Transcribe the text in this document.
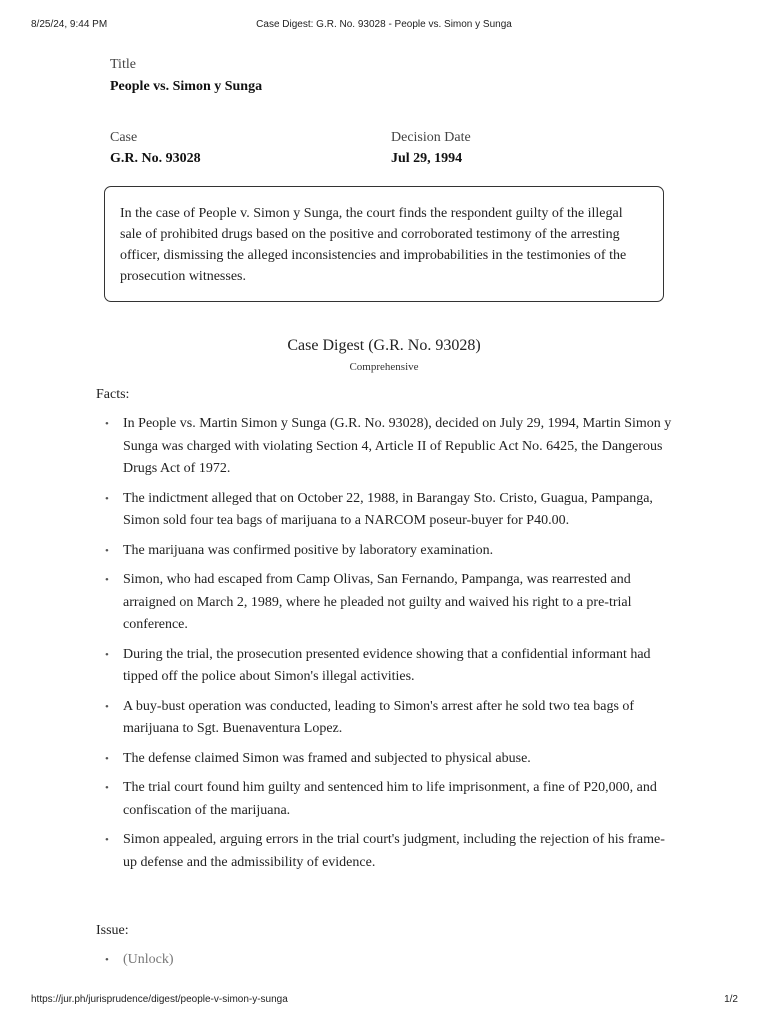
8/25/24, 9:44 PM	Case Digest: G.R. No. 93028 - People vs. Simon y Sunga
Title
People vs. Simon y Sunga
Case
G.R. No. 93028
Decision Date
Jul 29, 1994
In the case of People v. Simon y Sunga, the court finds the respondent guilty of the illegal sale of prohibited drugs based on the positive and corroborated testimony of the arresting officer, dismissing the alleged inconsistencies and improbabilities in the testimonies of the prosecution witnesses.
Case Digest (G.R. No. 93028)
Comprehensive
Facts:
• In People vs. Martin Simon y Sunga (G.R. No. 93028), decided on July 29, 1994, Martin Simon y Sunga was charged with violating Section 4, Article II of Republic Act No. 6425, the Dangerous Drugs Act of 1972.
• The indictment alleged that on October 22, 1988, in Barangay Sto. Cristo, Guagua, Pampanga, Simon sold four tea bags of marijuana to a NARCOM poseur-buyer for P40.00.
• The marijuana was confirmed positive by laboratory examination.
• Simon, who had escaped from Camp Olivas, San Fernando, Pampanga, was rearrested and arraigned on March 2, 1989, where he pleaded not guilty and waived his right to a pre-trial conference.
• During the trial, the prosecution presented evidence showing that a confidential informant had tipped off the police about Simon's illegal activities.
• A buy-bust operation was conducted, leading to Simon's arrest after he sold two tea bags of marijuana to Sgt. Buenaventura Lopez.
• The defense claimed Simon was framed and subjected to physical abuse.
• The trial court found him guilty and sentenced him to life imprisonment, a fine of P20,000, and confiscation of the marijuana.
• Simon appealed, arguing errors in the trial court's judgment, including the rejection of his frame-up defense and the admissibility of evidence.
Issue:
• (Unlock)
https://jur.ph/jurisprudence/digest/people-v-simon-y-sunga	1/2
